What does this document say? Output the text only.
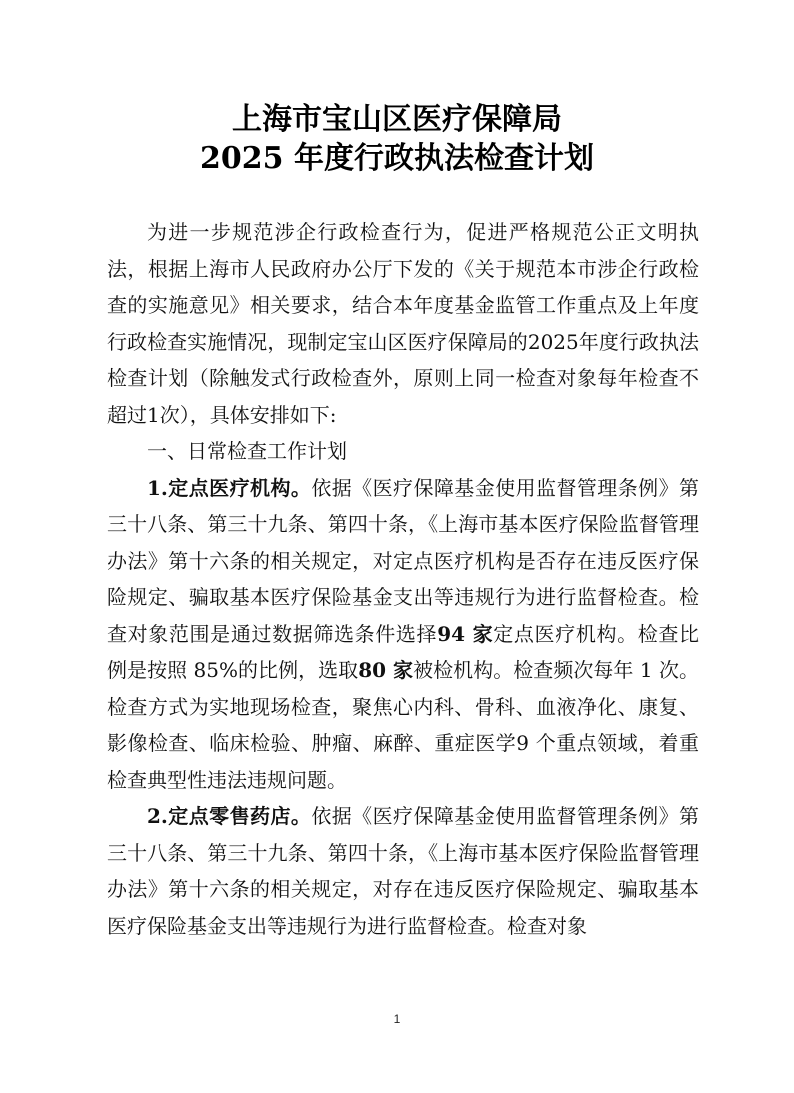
上海市宝山区医疗保障局
2025 年度行政执法检查计划

为进一步规范涉企行政检查行为，促进严格规范公正文明执法，根据上海市人民政府办公厅下发的《关于规范本市涉企行政检查的实施意见》相关要求，结合本年度基金监管工作重点及上年度行政检查实施情况，现制定宝山区医疗保障局的2025年度行政执法检查计划（除触发式行政检查外，原则上同一检查对象每年检查不超过1次），具体安排如下:

一、日常检查工作计划

1.定点医疗机构。依据《医疗保障基金使用监督管理条例》第三十八条、第三十九条、第四十条，《上海市基本医疗保险监督管理办法》第十六条的相关规定，对定点医疗机构是否存在违反医疗保险规定、骗取基本医疗保险基金支出等违规行为进行监督检查。检查对象范围是通过数据筛选条件选择94 家定点医疗机构。检查比例是按照 85%的比例，选取80 家被检机构。检查频次每年 1 次。检查方式为实地现场检查，聚焦心内科、骨科、血液净化、康复、影像检查、临床检验、肿瘤、麻醉、重症医学9 个重点领域，着重检查典型性违法违规问题。

2.定点零售药店。依据《医疗保障基金使用监督管理条例》第三十八条、第三十九条、第四十条，《上海市基本医疗保险监督管理办法》第十六条的相关规定，对存在违反医疗保险规定、骗取基本医疗保险基金支出等违规行为进行监督检查。检查对象

1
